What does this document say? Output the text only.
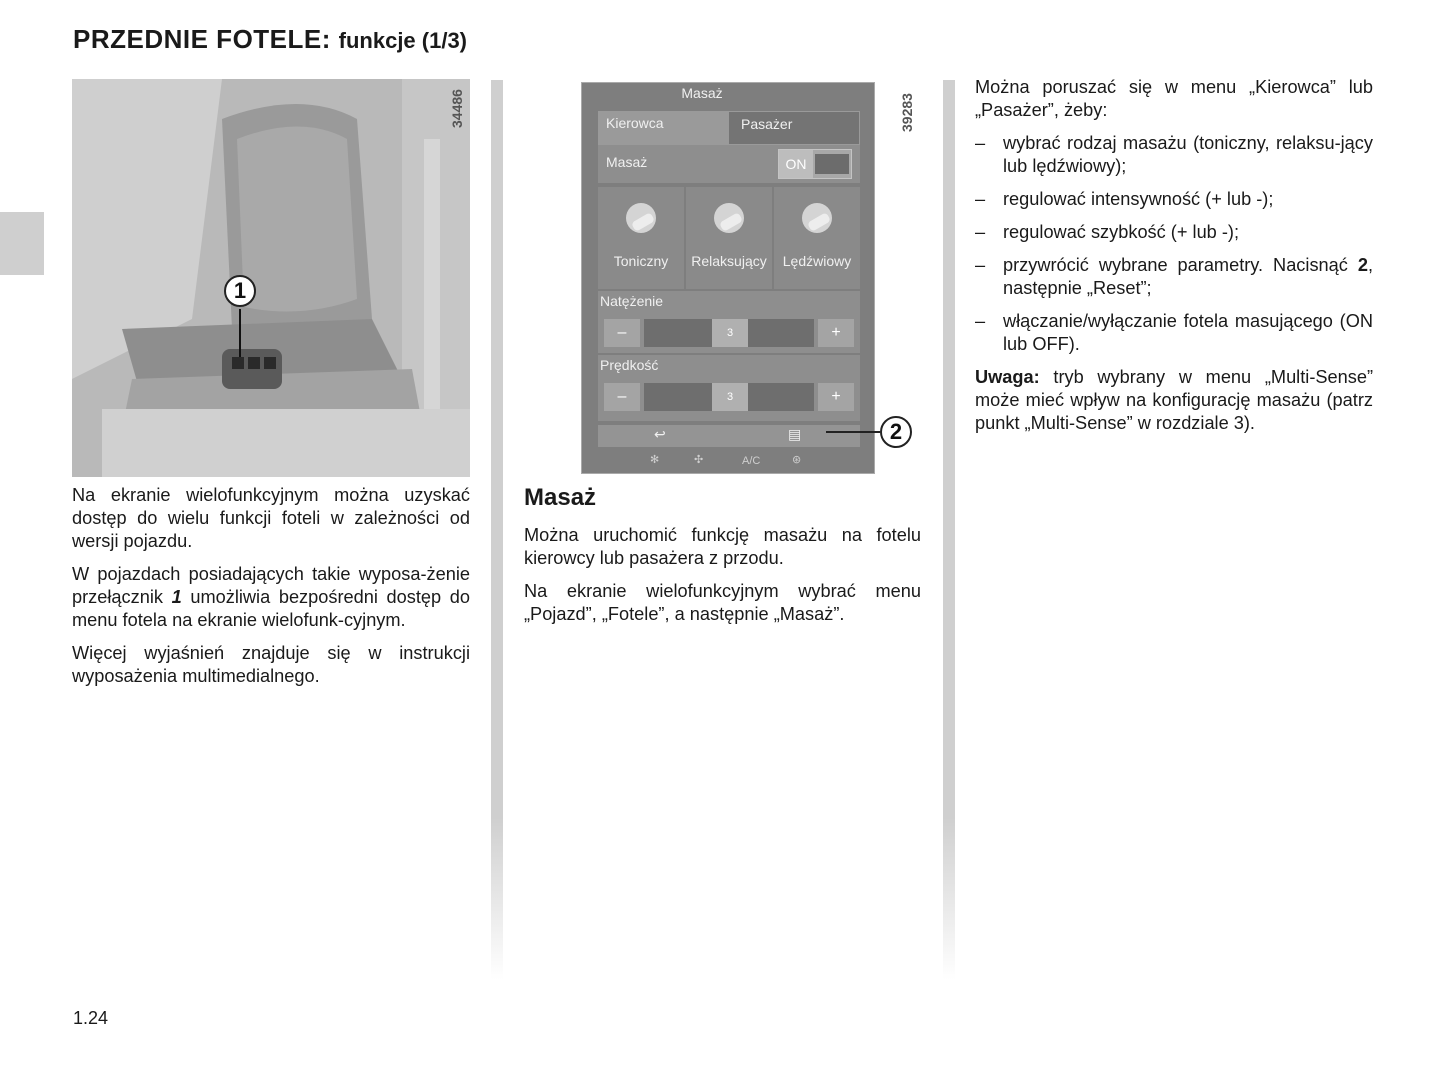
PRZEDNIE FOTELE: funkcje (1/3)
1
34486

Na ekranie wielofunkcyjnym można uzyskać dostęp do wielu funkcji foteli w zależności od wersji pojazdu.

W pojazdach posiadających takie wyposa-żenie przełącznik 1 umożliwia bezpośredni dostęp do menu fotela na ekranie wielofunk-cyjnym.

Więcej wyjaśnień znajduje się w instrukcji wyposażenia multimedialnego.

Masaż
Kierowca	Pasażer
Masaż	ON
Toniczny	Relaksujący	Lędźwiowy
Natężenie
–	3	+
Prędkość
–	3	+
↩	▤
✻	✣	A/C	⊛
39283
2
Masaż

Można uruchomić funkcję masażu na fotelu kierowcy lub pasażera z przodu.

Na ekranie wielofunkcyjnym wybrać menu „Pojazd”, „Fotele”, a następnie „Masaż”.

Można poruszać się w menu „Kierowca” lub „Pasażer”, żeby:

– wybrać rodzaj masażu (toniczny, relaksu-jący lub lędźwiowy);
– regulować intensywność (+ lub -);
– regulować szybkość (+ lub -);
– przywrócić wybrane parametry. Nacisnąć 2, następnie „Reset”;
– włączanie/wyłączanie fotela masującego (ON lub OFF).

Uwaga: tryb wybrany w menu „Multi-Sense” może mieć wpływ na konfigurację masażu (patrz punkt „Multi-Sense” w rozdziale 3).

1.24
